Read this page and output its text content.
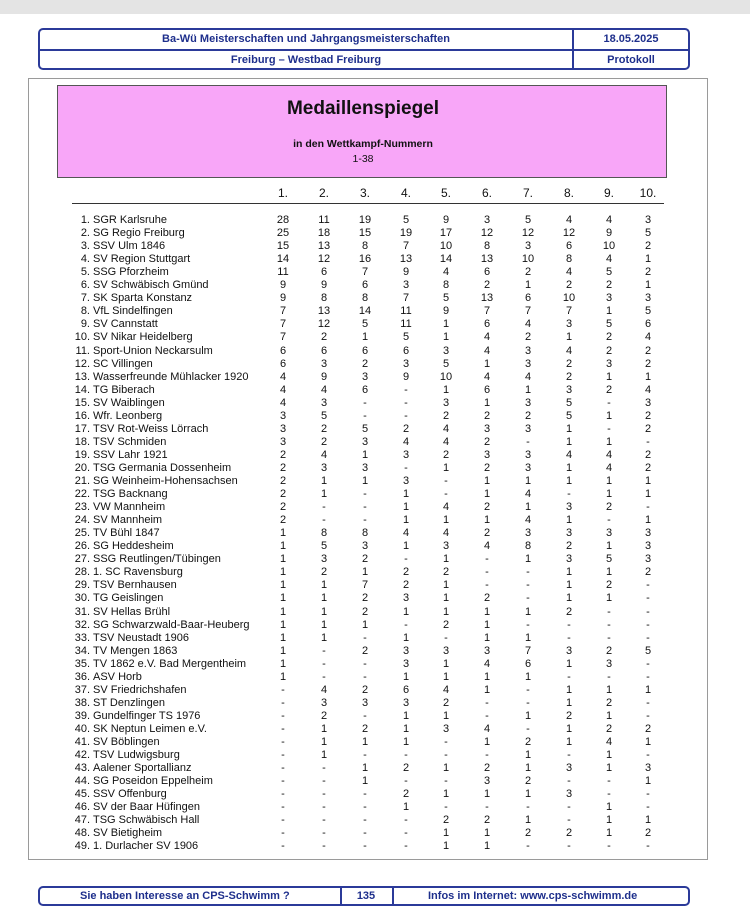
Ba-Wü Meisterschaften und Jahrgangsmeisterschaften
Freiburg – Westbad Freiburg
18.05.2025
Protokoll
Medaillenspiegel
in den Wettkampf-Nummern
1-38
1.	2.	3.	4.	5.	6.	7.	8.	9.	10.
1. SGR Karlsruhe	28	11	19	5	9	3	5	4	4	3
2. SG Regio Freiburg	25	18	15	19	17	12	12	12	9	5
3. SSV Ulm 1846	15	13	8	7	10	8	3	6	10	2
4. SV Region Stuttgart	14	12	16	13	14	13	10	8	4	1
5. SSG Pforzheim	11	6	7	9	4	6	2	4	5	2
6. SV Schwäbisch Gmünd	9	9	6	3	8	2	1	2	2	1
7. SK Sparta Konstanz	9	8	8	7	5	13	6	10	3	3
8. VfL Sindelfingen	7	13	14	11	9	7	7	7	1	5
9. SV Cannstatt	7	12	5	11	1	6	4	3	5	6
10. SV Nikar Heidelberg	7	2	1	5	1	4	2	1	2	4
11. Sport-Union Neckarsulm	6	6	6	6	3	4	3	4	2	2
12. SC Villingen	6	3	2	3	5	1	3	2	3	2
13. Wasserfreunde Mühlacker 1920	4	9	3	9	10	4	4	2	1	1
14. TG Biberach	4	4	6	-	1	6	1	3	2	4
15. SV Waiblingen	4	3	-	-	3	1	3	5	-	3
16. Wfr. Leonberg	3	5	-	-	2	2	2	5	1	2
17. TSV Rot-Weiss Lörrach	3	2	5	2	4	3	3	1	-	2
18. TSV Schmiden	3	2	3	4	4	2	-	1	1	-
19. SSV Lahr 1921	2	4	1	3	2	3	3	4	4	2
20. TSG Germania Dossenheim	2	3	3	-	1	2	3	1	4	2
21. SG Weinheim-Hohensachsen	2	1	1	3	-	1	1	1	1	1
22. TSG Backnang	2	1	-	1	-	1	4	-	1	1
23. VW Mannheim	2	-	-	1	4	2	1	3	2	-
24. SV Mannheim	2	-	-	1	1	1	4	1	-	1
25. TV Bühl 1847	1	8	8	4	4	2	3	3	3	3
26. SG Heddesheim	1	5	3	1	3	4	8	2	1	3
27. SSG Reutlingen/Tübingen	1	3	2	-	1	-	1	3	5	3
28. 1. SC Ravensburg	1	2	1	2	2	-	-	1	1	2
29. TSV Bernhausen	1	1	7	2	1	-	-	1	2	-
30. TG Geislingen	1	1	2	3	1	2	-	1	1	-
31. SV Hellas Brühl	1	1	2	1	1	1	1	2	-	-
32. SG Schwarzwald-Baar-Heuberg	1	1	1	-	2	1	-	-	-	-
33. TSV Neustadt 1906	1	1	-	1	-	1	1	-	-	-
34. TV Mengen 1863	1	-	2	3	3	3	7	3	2	5
35. TV 1862 e.V. Bad Mergentheim	1	-	-	3	1	4	6	1	3	-
36. ASV Horb	1	-	-	1	1	1	1	-	-	-
37. SV Friedrichshafen	-	4	2	6	4	1	-	1	1	1
38. ST Denzlingen	-	3	3	3	2	-	-	1	2	-
39. Gundelfinger TS 1976	-	2	-	1	1	-	1	2	1	-
40. SK Neptun Leimen e.V.	-	1	2	1	3	4	-	1	2	2
41. SV Böblingen	-	1	1	1	-	1	2	1	4	1
42. TSV Ludwigsburg	-	1	-	-	-	-	1	-	1	-
43. Aalener Sportallianz	-	-	1	2	1	2	1	3	1	3
44. SG Poseidon Eppelheim	-	-	1	-	-	3	2	-	-	1
45. SSV Offenburg	-	-	-	2	1	1	1	3	-	-
46. SV der Baar Hüfingen	-	-	-	1	-	-	-	-	1	-
47. TSG Schwäbisch Hall	-	-	-	-	2	2	1	-	1	1
48. SV Bietigheim	-	-	-	-	1	1	2	2	1	2
49. 1. Durlacher SV 1906	-	-	-	-	1	1	-	-	-	-
Sie haben Interesse an CPS-Schwimm ?	135	Infos im Internet: www.cps-schwimm.de
